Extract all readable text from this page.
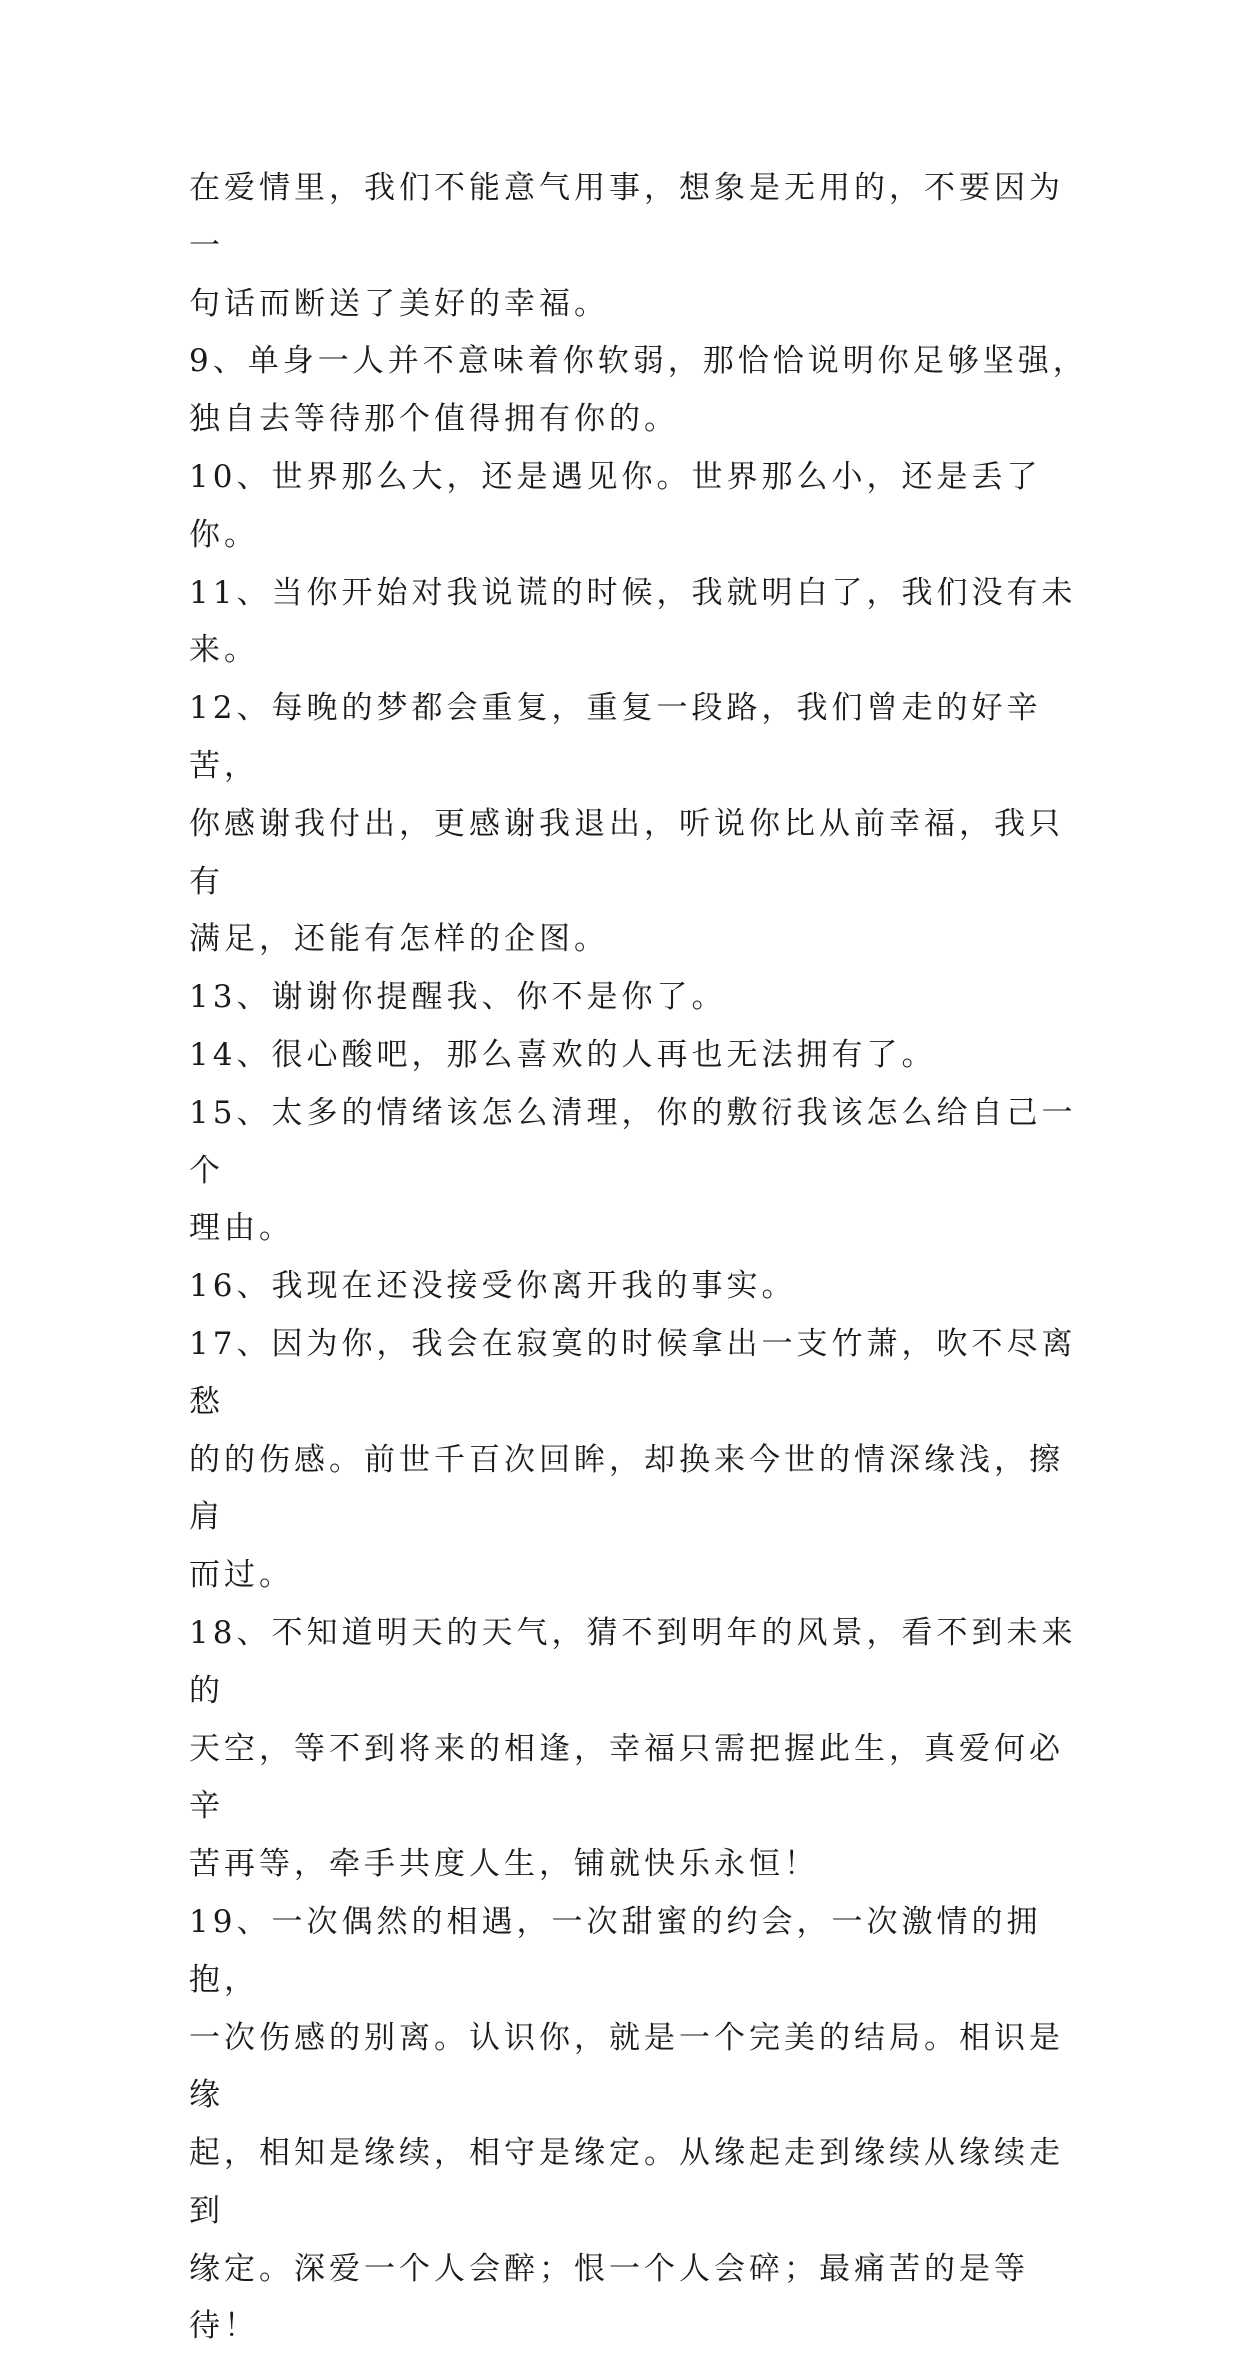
在爱情里，我们不能意气用事，想象是无用的，不要因为一
句话而断送了美好的幸福。

9、单身一人并不意味着你软弱，那恰恰说明你足够坚强，
独自去等待那个值得拥有你的。

10、世界那么大，还是遇见你。世界那么小，还是丢了你。

11、当你开始对我说谎的时候，我就明白了，我们没有未来。

12、每晚的梦都会重复，重复一段路，我们曾走的好辛苦，
你感谢我付出，更感谢我退出，听说你比从前幸福，我只有
满足，还能有怎样的企图。

13、谢谢你提醒我、你不是你了。

14、很心酸吧，那么喜欢的人再也无法拥有了。

15、太多的情绪该怎么清理，你的敷衍我该怎么给自己一个
理由。

16、我现在还没接受你离开我的事实。

17、因为你，我会在寂寞的时候拿出一支竹萧，吹不尽离愁
的的伤感。前世千百次回眸，却换来今世的情深缘浅，擦肩
而过。

18、不知道明天的天气，猜不到明年的风景，看不到未来的
天空，等不到将来的相逢，幸福只需把握此生，真爱何必辛
苦再等，牵手共度人生，铺就快乐永恒！

19、一次偶然的相遇，一次甜蜜的约会，一次激情的拥抱，
一次伤感的别离。认识你，就是一个完美的结局。相识是缘
起，相知是缘续，相守是缘定。从缘起走到缘续从缘续走到
缘定。深爱一个人会醉；恨一个人会碎；最痛苦的是等待！
